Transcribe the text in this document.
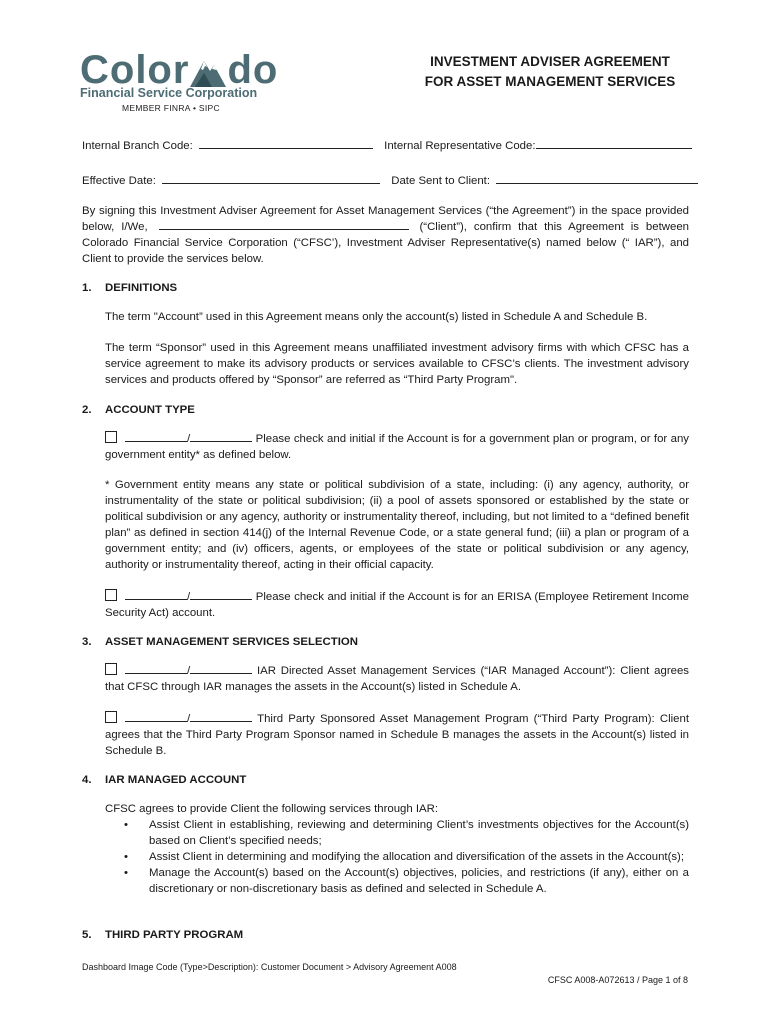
Color do
Financial Service Corporation
MEMBER FINRA • SIPC
INVESTMENT ADVISER AGREEMENT
FOR ASSET MANAGEMENT SERVICES
Internal Branch Code:	Internal Representative Code:
Effective Date:	Date Sent to Client:
By signing this Investment Adviser Agreement for Asset Management Services (“the Agreement”) in the space provided below, I/We,	(“Client”), confirm that this Agreement is between Colorado Financial Service Corporation (“CFSC’), Investment Adviser Representative(s) named below (“ IAR”), and Client to provide the services below.
1. DEFINITIONS
The term "Account” used in this Agreement means only the account(s) listed in Schedule A and Schedule B.
The term “Sponsor” used in this Agreement means unaffiliated investment advisory firms with which CFSC has a service agreement to make its advisory products or services available to CFSC’s clients. The investment advisory services and products offered by “Sponsor” are referred as “Third Party Program".
2. ACCOUNT TYPE
/	Please check and initial if the Account is for a government plan or program, or for any government entity* as defined below.
* Government entity means any state or political subdivision of a state, including: (i) any agency, authority, or instrumentality of the state or political subdivision; (ii) a pool of assets sponsored or established by the state or political subdivision or any agency, authority or instrumentality thereof, including, but not limited to a “defined benefit plan” as defined in section 414(j) of the Internal Revenue Code, or a state general fund; (iii) a plan or program of a government entity; and (iv) officers, agents, or employees of the state or political subdivision or any agency, authority or instrumentality thereof, acting in their official capacity.
/	Please check and initial if the Account is for an ERISA (Employee Retirement Income Security Act) account.
3. ASSET MANAGEMENT SERVICES SELECTION
/	IAR Directed Asset Management Services (“IAR Managed Account”): Client agrees that CFSC through IAR manages the assets in the Account(s) listed in Schedule A.
/	Third Party Sponsored Asset Management Program (“Third Party Program): Client agrees that the Third Party Program Sponsor named in Schedule B manages the assets in the Account(s) listed in Schedule B.
4. IAR MANAGED ACCOUNT
CFSC agrees to provide Client the following services through IAR:
• Assist Client in establishing, reviewing and determining Client’s investments objectives for the Account(s) based on Client’s specified needs;
• Assist Client in determining and modifying the allocation and diversification of the assets in the Account(s);
• Manage the Account(s) based on the Account(s) objectives, policies, and restrictions (if any), either on a discretionary or non-discretionary basis as defined and selected in Schedule A.
5. THIRD PARTY PROGRAM
Dashboard Image Code (Type>Description): Customer Document > Advisory Agreement A008
CFSC A008-A072613 / Page 1 of 8
